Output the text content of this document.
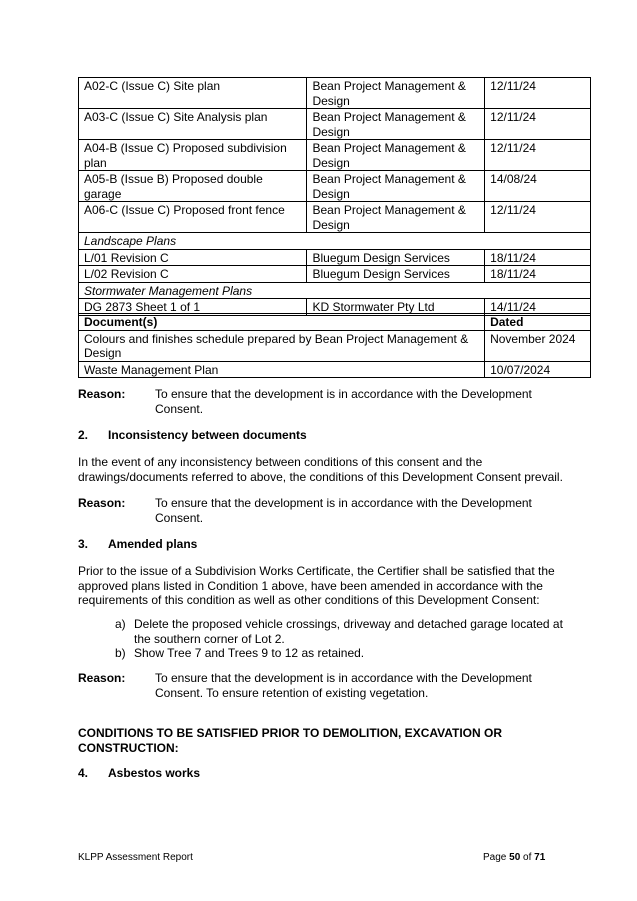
A02-C (Issue C) Site plan	Bean Project Management & Design	12/11/24
A03-C (Issue C) Site Analysis plan	Bean Project Management & Design	12/11/24
A04-B (Issue C) Proposed subdivision plan	Bean Project Management & Design	12/11/24
A05-B (Issue B) Proposed double garage	Bean Project Management & Design	14/08/24
A06-C (Issue C) Proposed front fence	Bean Project Management & Design	12/11/24
Landscape Plans		
L/01 Revision C	Bluegum Design Services	18/11/24
L/02 Revision C	Bluegum Design Services	18/11/24
Stormwater Management Plans		
DG 2873 Sheet 1 of 1	KD Stormwater Pty Ltd	14/11/24
Document(s)	Dated
Colours and finishes schedule prepared by Bean Project Management & Design	November 2024
Waste Management Plan	10/07/2024
Reason: To ensure that the development is in accordance with the Development Consent.
2. Inconsistency between documents
In the event of any inconsistency between conditions of this consent and the drawings/documents referred to above, the conditions of this Development Consent prevail.
Reason: To ensure that the development is in accordance with the Development Consent.
3. Amended plans
Prior to the issue of a Subdivision Works Certificate, the Certifier shall be satisfied that the approved plans listed in Condition 1 above, have been amended in accordance with the requirements of this condition as well as other conditions of this Development Consent:
a) Delete the proposed vehicle crossings, driveway and detached garage located at the southern corner of Lot 2.
b) Show Tree 7 and Trees 9 to 12 as retained.
Reason: To ensure that the development is in accordance with the Development Consent. To ensure retention of existing vegetation.
CONDITIONS TO BE SATISFIED PRIOR TO DEMOLITION, EXCAVATION OR CONSTRUCTION:
4. Asbestos works
KLPP Assessment Report	Page 50 of 71
